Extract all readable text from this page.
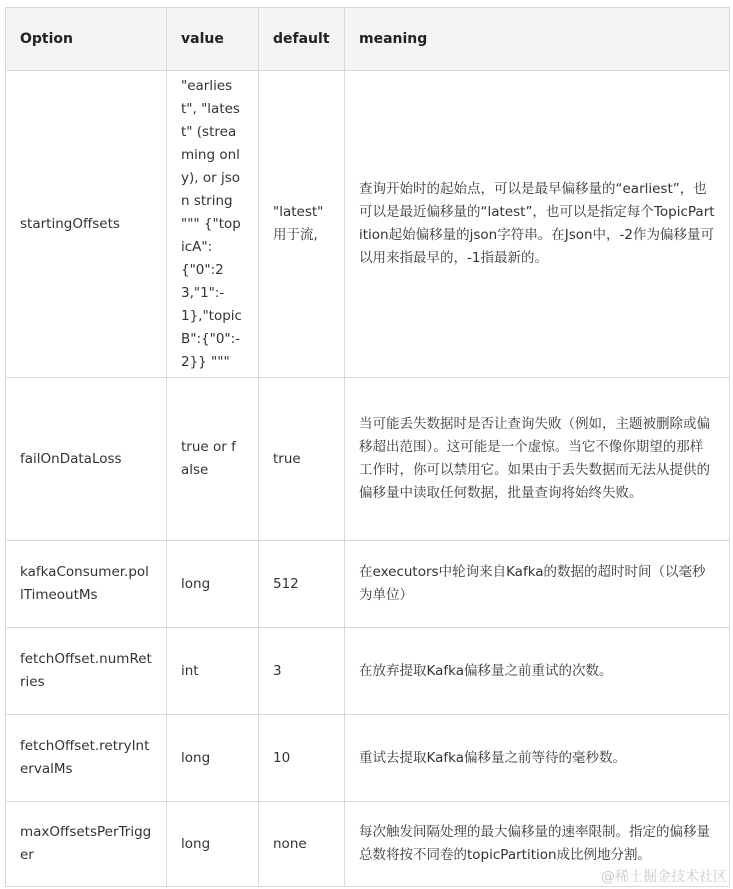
Option	value	default	meaning
startingOffsets	"earliest", "latest" (streaming only), or json string """ {"topicA":{"0":23,"1":-1},"topicB":{"0":-2}} """	"latest" 用于流,	查询开始时的起始点，可以是最早偏移量的“earliest”，也可以是最近偏移量的“latest”，也可以是指定每个TopicPartition起始偏移量的json字符串。在Json中，-2作为偏移量可以用来指最早的，-1指最新的。
failOnDataLoss	true or false	true	当可能丢失数据时是否让查询失败（例如，主题被删除或偏移超出范围）。这可能是一个虚惊。当它不像你期望的那样工作时，你可以禁用它。如果由于丢失数据而无法从提供的偏移量中读取任何数据，批量查询将始终失败。
kafkaConsumer.pollTimeoutMs	long	512	在executors中轮询来自Kafka的数据的超时时间（以毫秒为单位）
fetchOffset.numRetries	int	3	在放弃提取Kafka偏移量之前重试的次数。
fetchOffset.retryIntervalMs	long	10	重试去提取Kafka偏移量之前等待的毫秒数。
maxOffsetsPerTrigger	long	none	每次触发间隔处理的最大偏移量的速率限制。指定的偏移量总数将按不同卷的topicPartition成比例地分割。
@稀土掘金技术社区
